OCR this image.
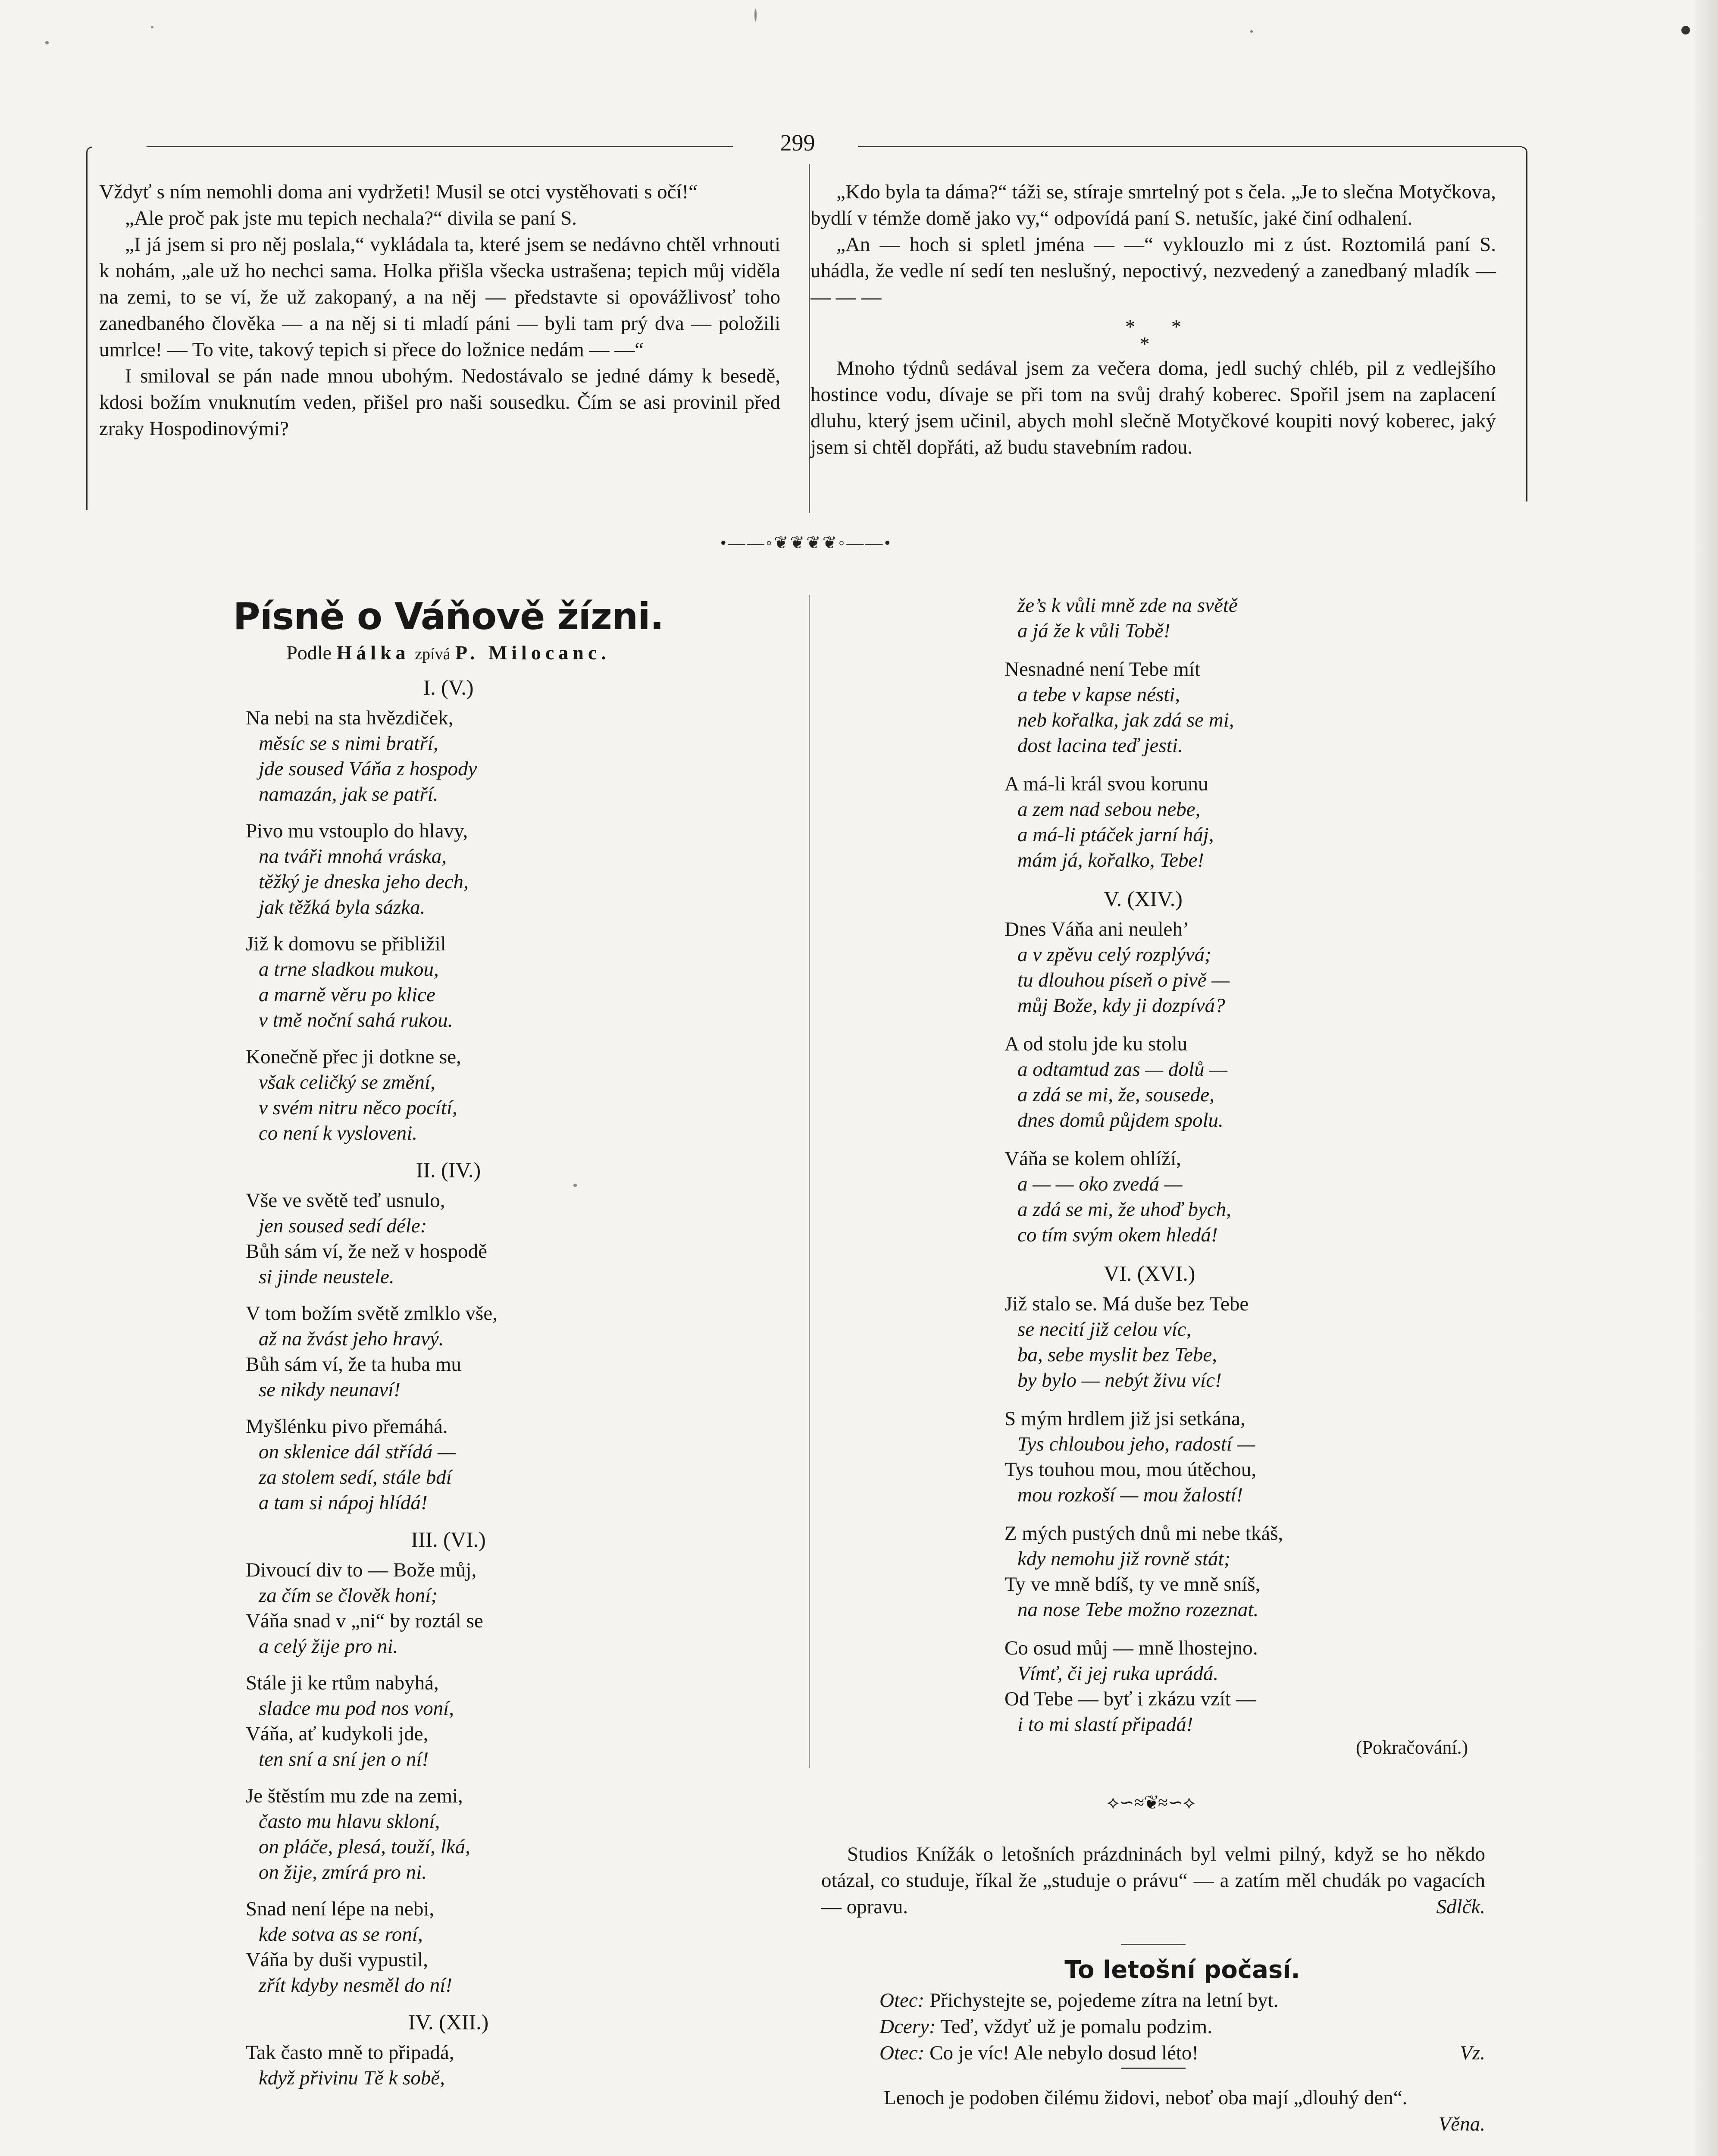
299

Vždyť s ním nemohli doma ani vydržeti! Musil se otci vystěhovati s očí!“

„Ale proč pak jste mu tepich nechala?“ divila se paní S.

„I já jsem si pro něj poslala,“ vykládala ta, které jsem se nedávno chtěl vrhnouti k nohám, „ale už ho nechci sama. Holka přišla všecka ustrašena; tepich můj viděla na zemi, to se ví, že už zakopaný, a na něj — představte si opovážlivosť toho zanedbaného člověka — a na něj si ti mladí páni — byli tam prý dva — položili umrlce! — To vite, takový tepich si přece do ložnice nedám — —“

I smiloval se pán nade mnou ubohým. Nedostávalo se jedné dámy k besedě, kdosi božím vnuknutím veden, přišel pro naši sousedku. Čím se asi provinil před zraky Hospodinovými?

„Kdo byla ta dáma?“ táži se, stíraje smrtelný pot s čela. „Je to slečna Motyčkova, bydlí v témže domě jako vy,“ odpovídá paní S. netušíc, jaké činí odhalení.

„An — hoch si spletl jména — —“ vyklouzlo mi z úst. Roztomilá paní S. uhádla, že vedle ní sedí ten neslušný, nepoctivý, nezvedený a zanedbaný mladík — — — —

* *
*

Mnoho týdnů sedával jsem za večera doma, jedl suchý chléb, pil z vedlejšího hostince vodu, dívaje se při tom na svůj drahý koberec. Spořil jsem na zaplacení dluhu, který jsem učinil, abych mohl slečně Motyčkové koupiti nový koberec, jaký jsem si chtěl dopřáti, až budu stavebním radou.

•——◦❦❦❦❦◦——•
Písně o Váňově žízni.
Podle Hálka zpívá P. Milocanc.
I. (V.)
Na nebi na sta hvězdiček,
měsíc se s nimi bratří,
jde soused Váňa z hospody
namazán, jak se patří.
Pivo mu vstouplo do hlavy,
na tváři mnohá vráska,
těžký je dneska jeho dech,
jak těžká byla sázka.
Již k domovu se přibližil
a trne sladkou mukou,
a marně věru po klice
v tmě noční sahá rukou.
Konečně přec ji dotkne se,
však celičký se změní,
v svém nitru něco pocítí,
co není k vysloveni.
II. (IV.)
Vše ve světě teď usnulo,
jen soused sedí déle:
Bůh sám ví, že než v hospodě
si jinde neustele.
V tom božím světě zmlklo vše,
až na žvást jeho hravý.
Bůh sám ví, že ta huba mu
se nikdy neunaví!
Myšlénku pivo přemáhá.
on sklenice dál střídá —
za stolem sedí, stále bdí
a tam si nápoj hlídá!
III. (VI.)
Divoucí div to — Bože můj,
za čím se člověk honí;
Váňa snad v „ni“ by roztál se
a celý žije pro ni.
Stále ji ke rtům nabyhá,
sladce mu pod nos voní,
Váňa, ať kudykoli jde,
ten sní a sní jen o ní!
Je štěstím mu zde na zemi,
často mu hlavu skloní,
on pláče, plesá, touží, lká,
on žije, zmírá pro ni.
Snad není lépe na nebi,
kde sotva as se roní,
Váňa by duši vypustil,
zřít kdyby nesměl do ní!
IV. (XII.)
Tak často mně to připadá,
když přivinu Tě k sobě,
že’s k vůli mně zde na světě
a já že k vůli Tobě!
Nesnadné není Tebe mít
a tebe v kapse nésti,
neb kořalka, jak zdá se mi,
dost lacina teď jesti.
A má-li král svou korunu
a zem nad sebou nebe,
a má-li ptáček jarní háj,
mám já, kořalko, Tebe!
V. (XIV.)
Dnes Váňa ani neuleh’
a v zpěvu celý rozplývá;
tu dlouhou píseň o pivě —
můj Bože, kdy ji dozpívá?
A od stolu jde ku stolu
a odtamtud zas — dolů —
a zdá se mi, že, sousede,
dnes domů půjdem spolu.
Váňa se kolem ohlíží,
a — — oko zvedá —
a zdá se mi, že uhoď bych,
co tím svým okem hledá!
VI. (XVI.)
Již stalo se. Má duše bez Tebe
se necití již celou víc,
ba, sebe myslit bez Tebe,
by bylo — nebýt živu víc!
S mým hrdlem již jsi setkána,
Tys chloubou jeho, radostí —
Tys touhou mou, mou útěchou,
mou rozkoší — mou žalostí!
Z mých pustých dnů mi nebe tkáš,
kdy nemohu již rovně stát;
Ty ve mně bdíš, ty ve mně sníš,
na nose Tebe možno rozeznat.
Co osud můj — mně lhostejno.
Vímť, či jej ruka uprádá.
Od Tebe — byť i zkázu vzít —
i to mi slastí připadá!
(Pokračování.)
⟡∽≈❦≈∽⟡

Studios Knížák o letošních prázdninách byl velmi pilný, když se ho někdo otázal, co studuje, říkal že „studuje o právu“ — a zatím měl chudák po vagacích — opravu.	Sdlčk.
To letošní počasí.
Otec: Přichystejte se, pojedeme zítra na letní byt.
Dcery: Teď, vždyť už je pomalu podzim.
Otec: Co je víc! Ale nebylo dosud léto!	Vz.

Lenoch je podoben čilému židovi, neboť oba mají „dlouhý den“.

Věna.
